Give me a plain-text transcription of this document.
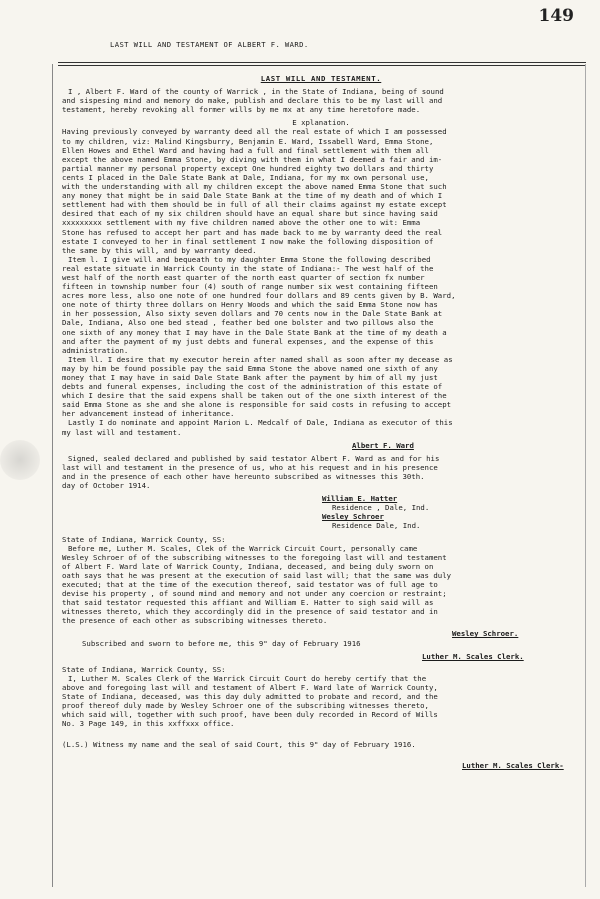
149
LAST WILL AND TESTAMENT OF ALBERT F. WARD.
LAST WILL AND TESTAMENT.
I , Albert F. Ward of the county of Warrick , in the State of Indiana, being of sound
and sispesing mind and memory do make, publish and declare this to be my last will and
testament, hereby revoking all former wills by me mx at any time heretofore made.
E xplanation.
Having previously conveyed by warranty deed all the real estate of which I am possessed
to my children, viz: Malind Kingsburry, Benjamin E. Ward, Issabell Ward, Emma Stone,
Ellen Howes and Ethel Ward and having had a full and final settlement with them all
except the above named Emma Stone, by diving with them in what I deemed a fair and im-
partial manner my personal property except One hundred eighty two dollars and thirty
cents I placed in the Dale State Bank at Dale, Indiana, for my mx own personal use,
with the understanding with all my children except the above named Emma Stone that such
any money that might be in said Dale State Bank at the time of my death and of which I
settlement had with them should be in full of all their claims against my estate except
desired that each of my six children should have an equal share but since having said
xxxxxxxxx settlement with my five children named above the other one to wit: Emma
Stone has refused to accept her part and has made back to me by warranty deed the real
estate I conveyed to her in final settlement I now make the following disposition of
the same by this will, and by warranty deed.
Item l. I give will and bequeath to my daughter Emma Stone the following described
real estate situate in Warrick County in the state of Indiana:- The west half of the
west half of the north east quarter of the north east quarter of section fx number
fifteen in township number four (4) south of range number six west containing fifteen
acres more less, also one note of one hundred four dollars and 89 cents given by B. Ward,
one note of thirty three dollars on Henry Woods and which the said Emma Stone now has
in her possession, Also sixty seven dollars and 70 cents now in the Dale State Bank at
Dale, Indiana, Also one bed stead , feather bed one bolster and two pillows also the
one sixth of any money that I may have in the Dale State Bank at the time of my death a
and after the payment of my just debts and funeral expenses, and the expense of this
administration.
Item ll. I desire that my executor herein after named shall as soon after my decease as
may by him be found possible pay the said Emma Stone the above named one sixth of any
money that I may have in said Dale State Bank after the payment by him of all my just
debts and funeral expenses, including the cost of the administration of this estate of
which I desire that the said expens shall be taken out of the one sixth interest of the
said Emma Stone as she and she alone is responsible for said costs in refusing to accept
her advancement instead of inheritance.
Lastly I do nominate and appoint Marion L. Medcalf of Dale, Indiana as executor of this
my last will and testament.
Albert F. Ward
Signed, sealed declared and published by said testator Albert F. Ward as and for his
last will and testament in the presence of us, who at his request and in his presence
and in the presence of each other have hereunto subscribed as witnesses this 30th.
day of October 1914.
William E. Hatter
Residence , Dale, Ind.
Wesley Schroer
Residence Dale, Ind.
State of Indiana, Warrick County, SS:
Before me, Luther M. Scales, Clek of the Warrick Circuit Court, personally came
Wesley Schroer of of the subscribing witnesses to the foregoing last will and testament
of Albert F. Ward late of Warrick County, Indiana, deceased, and being duly sworn on
oath says that he was present at the execution of said last will; that the same was duly
executed; that at the time of the execution thereof, said testator was of full age to
devise his property , of sound mind and memory and not under any coercion or restraint;
that said testator requested this affiant and William E. Hatter to sigh said will as
witnesses thereto, which they accordingly did in the presence of said testator and in
the presence of each other as subscribing witnesses thereto.
Wesley Schroer.
Subscribed and sworn to before me, this 9" day of February 1916
Luther M. Scales Clerk.
State of Indiana, Warrick County, SS:
I, Luther M. Scales Clerk of the Warrick Circuit Court do hereby certify that the
above and foregoing last will and testament of Albert F. Ward late of Warrick County,
State of Indiana, deceased, was this day duly admitted to probate and record, and the
proof thereof duly made by Wesley Schroer one of the subscribing witnesses thereto,
which said will, together with such proof, have been duly recorded in Record of Wills
No. 3 Page 149, in this xxffxxx office.
(L.S.) Witness my name and the seal of said Court, this 9" day of February 1916.
Luther M. Scales Clerk-
